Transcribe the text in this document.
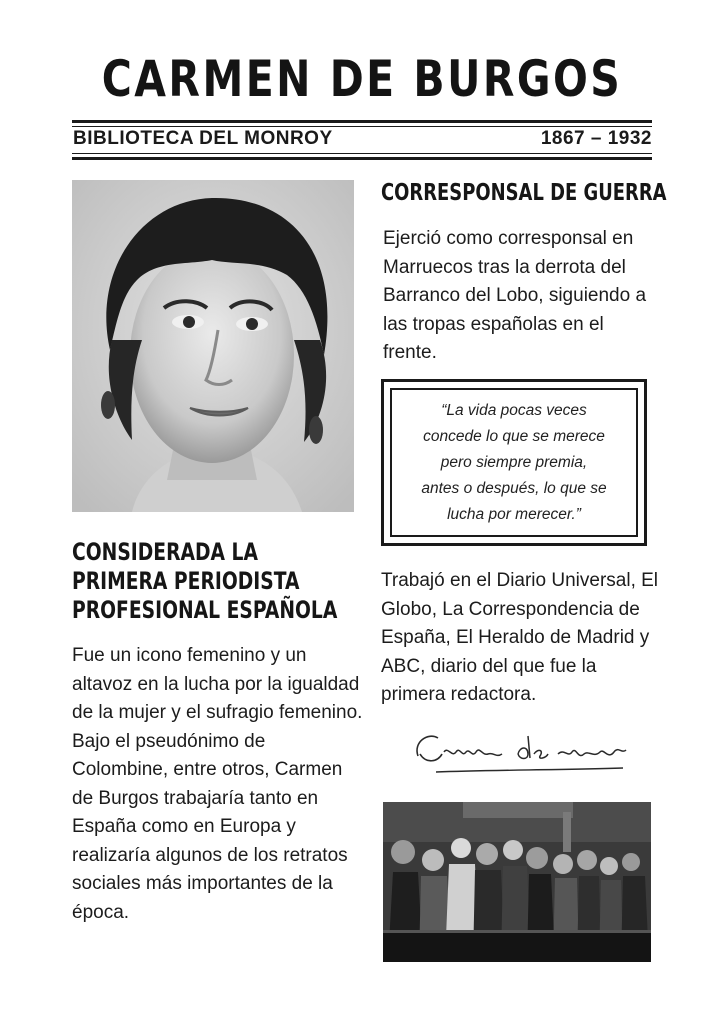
CARMEN DE BURGOS
BIBLIOTECA DEL MONROY	1867 – 1932
CORRESPONSAL DE GUERRA

Ejerció como corresponsal en Marruecos tras la derrota del Barranco del Lobo, siguiendo a las tropas españolas en el frente.

“La vida pocas veces
concede lo que se merece
pero siempre premia,
antes o después, lo que se
lucha por merecer.”

CONSIDERADA LA
PRIMERA PERIODISTA
PROFESIONAL ESPAÑOLA

Fue un icono femenino y un altavoz en la lucha por la igualdad de la mujer y el sufragio femenino. Bajo el pseudónimo de Colombine, entre otros, Carmen de Burgos trabajaría tanto en España como en Europa y realizaría algunos de los retratos sociales más importantes de la época.

Trabajó en el Diario Universal, El Globo, La Correspondencia de España, El Heraldo de Madrid y ABC, diario del que fue la primera redactora.
